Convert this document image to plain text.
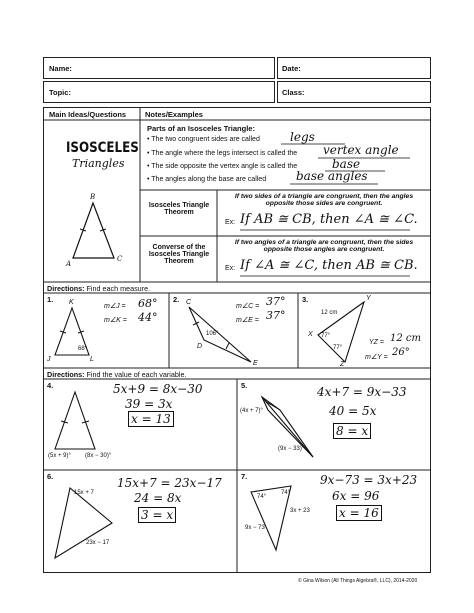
Name:	Date:
Topic:	Class:
Main Ideas/Questions	Notes/Examples
ISOSCELES
Triangles
B
A
C
Parts of an Isosceles Triangle:
• The two congruent sides are called	legs
• The angle where the legs intersect is called the vertex angle
• The side opposite the vertex angle is called the	base
• The angles along the base are called base angles
Isosceles Triangle Theorem
If two sides of a triangle are congruent, then the angles opposite those sides are congruent.
Ex: If AB ≅ CB, then ∠A ≅ ∠C.
Converse of the Isosceles Triangle Theorem
If two angles of a triangle are congruent, then the sides opposite those angles are congruent.
Ex: If ∠A ≅ ∠C, then AB ≅ CB.
Directions: Find each measure.
1. K
J	L
68°
m∠J = 68°
m∠K = 44°
2. C
D
E
106°
m∠C = 37°
m∠E = 37°
3.	Y
X
Z
12 cm
77°
77°
YZ = 12 cm
m∠Y = 26°
Directions: Find the value of each variable.
4.
(5x + 9)° (8x − 30)°
5x+9 = 8x−30
39 = 3x
x = 13
5.
(4x + 7)°
(9x − 33)°
4x+7 = 9x−33
40 = 5x
8 = x
6.
15x + 7
23x − 17
15x+7 = 23x−17
24 = 8x
3 = x
7.
74°
74°
3x + 23
9x − 73
9x−73 = 3x+23
6x = 96
x = 16
© Gina Wilson (All Things Algebra®, LLC), 2014-2020
